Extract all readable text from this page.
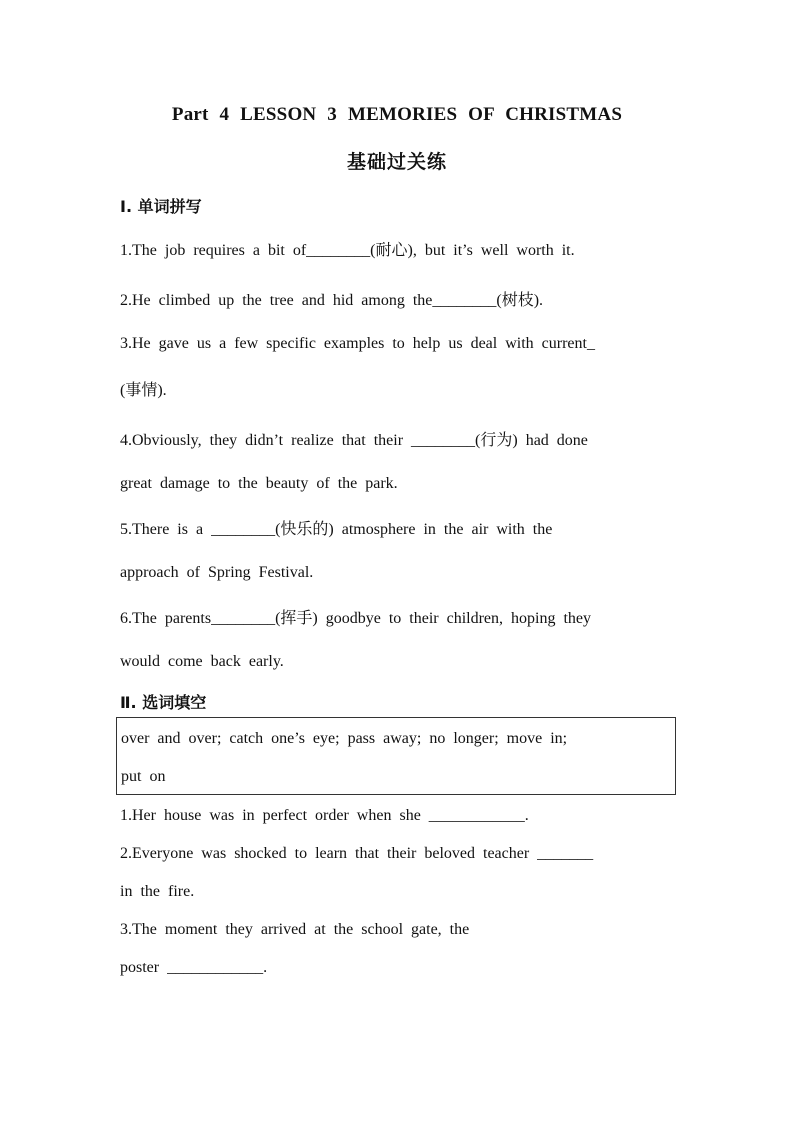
Part 4 LESSON 3 MEMORIES OF CHRISTMAS
基础过关练
Ⅰ. 单词拼写
1.The job requires a bit of________(耐心), but it’s well worth it.
2.He climbed up the tree and hid among the________(树枝).
3.He gave us a few specific examples to help us deal with current_
(事情).
4.Obviously, they didn’t realize that their ________(行为) had done
great damage to the beauty of the park.
5.There is a ________(快乐的) atmosphere in the air with the
approach of Spring Festival.
6.The parents________(挥手) goodbye to their children, hoping they
would come back early.
Ⅱ. 选词填空
over and over; catch one’s eye; pass away; no longer; move in;
put on
1.Her house was in perfect order when she ____________.
2.Everyone was shocked to learn that their beloved teacher _______
in the fire.
3.The moment they arrived at the school gate, the
poster ____________.
